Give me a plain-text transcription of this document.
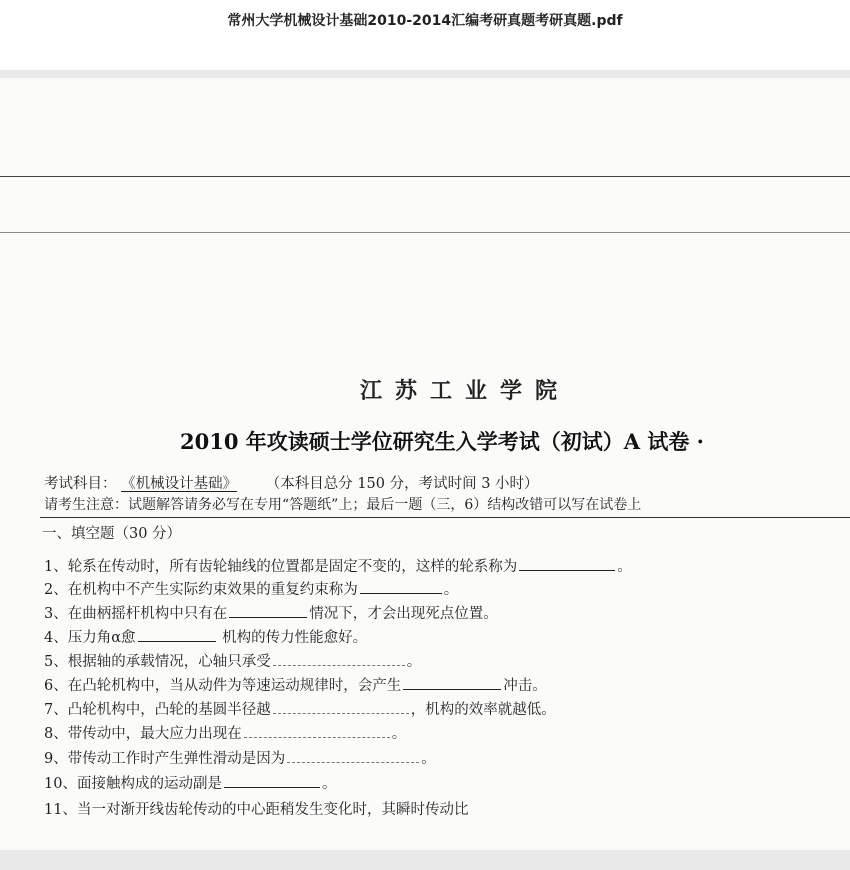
常州大学机械设计基础2010-2014汇编考研真题考研真题.pdf
江苏工业学院
2010 年攻读硕士学位研究生入学考试（初试）A 试卷 ·
考试科目： 《机械设计基础》 （本科目总分 150 分，考试时间 3 小时）
请考生注意：试题解答请务必写在专用“答题纸”上；最后一题（三，6）结构改错可以写在试卷上
一、填空题（30 分）
1、轮系在传动时，所有齿轮轴线的位置都是固定不变的，这样的轮系称为	。
2、在机构中不产生实际约束效果的重复约束称为	。
3、在曲柄摇杆机构中只有在	情况下，才会出现死点位置。
4、压力角α愈	机构的传力性能愈好。
5、根据轴的承载情况，心轴只承受	。
6、在凸轮机构中，当从动件为等速运动规律时，会产生	冲击。
7、凸轮机构中，凸轮的基圆半径越	，机构的效率就越低。
8、带传动中，最大应力出现在	。
9、带传动工作时产生弹性滑动是因为	。
10、面接触构成的运动副是	。
11、当一对渐开线齿轮传动的中心距稍发生变化时，其瞬时传动比
